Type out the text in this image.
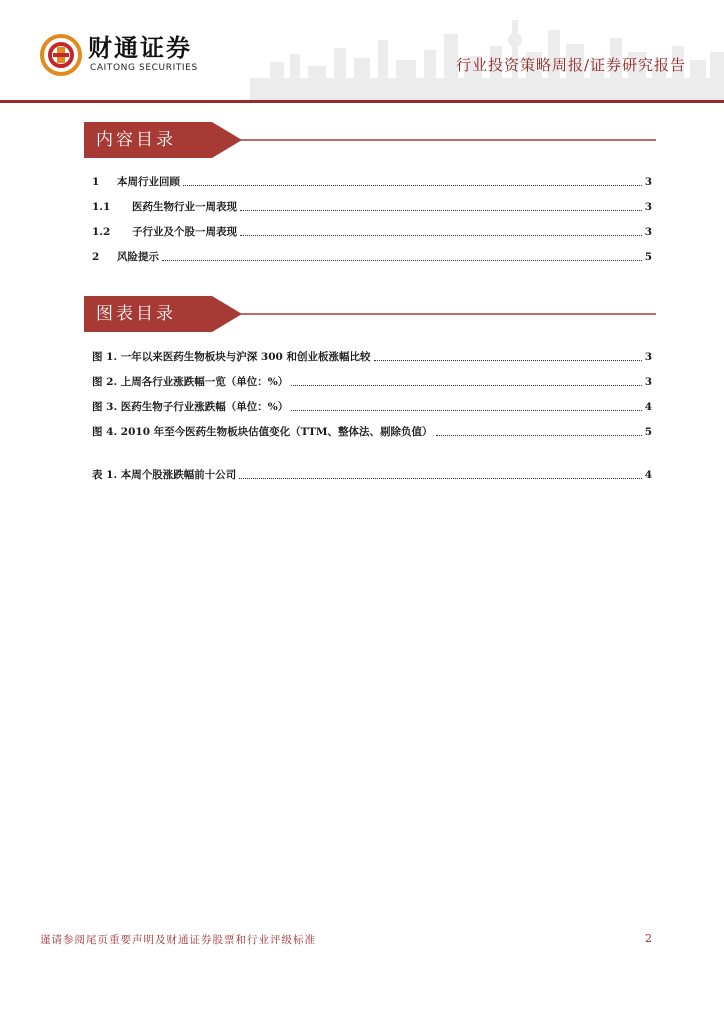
财通证券
CAITONG SECURITIES	行业投资策略周报/证券研究报告
内容目录
1	本周行业回顾	3
1.1	医药生物行业一周表现	3
1.2	子行业及个股一周表现	3
2	风险提示	5
图表目录
图 1. 一年以来医药生物板块与沪深 300 和创业板涨幅比较	3
图 2. 上周各行业涨跌幅一览（单位：%）	3
图 3. 医药生物子行业涨跌幅（单位：%）	4
图 4. 2010 年至今医药生物板块估值变化（TTM、整体法、剔除负值）	5
表 1. 本周个股涨跌幅前十公司	4
谨请参阅尾页重要声明及财通证券股票和行业评级标准	2
